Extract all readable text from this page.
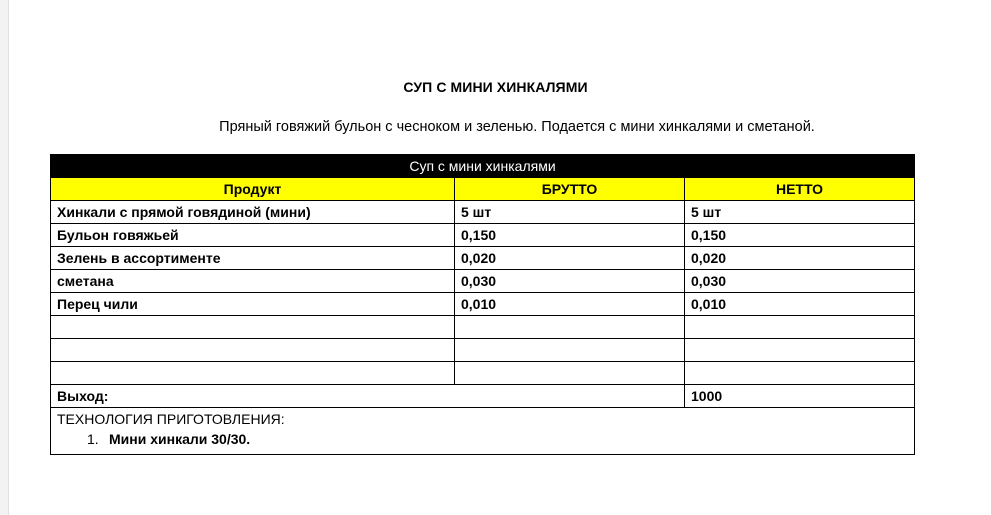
СУП С МИНИ ХИНКАЛЯМИ
Пряный говяжий бульон с чесноком и зеленью. Подается с мини хинкалями и сметаной.
Суп с мини хинкалями		
Продукт	БРУТТО	НЕТТО
Хинкали с прямой говядиной (мини)	5 шт	5 шт
Бульон говяжьей	0,150	0,150
Зелень в ассортименте	0,020	0,020
сметана	0,030	0,030
Перец чили	0,010	0,010

Выход:		1000

ТЕХНОЛОГИЯ ПРИГОТОВЛЕНИЯ:
1. Мини хинкали 30/30.		
